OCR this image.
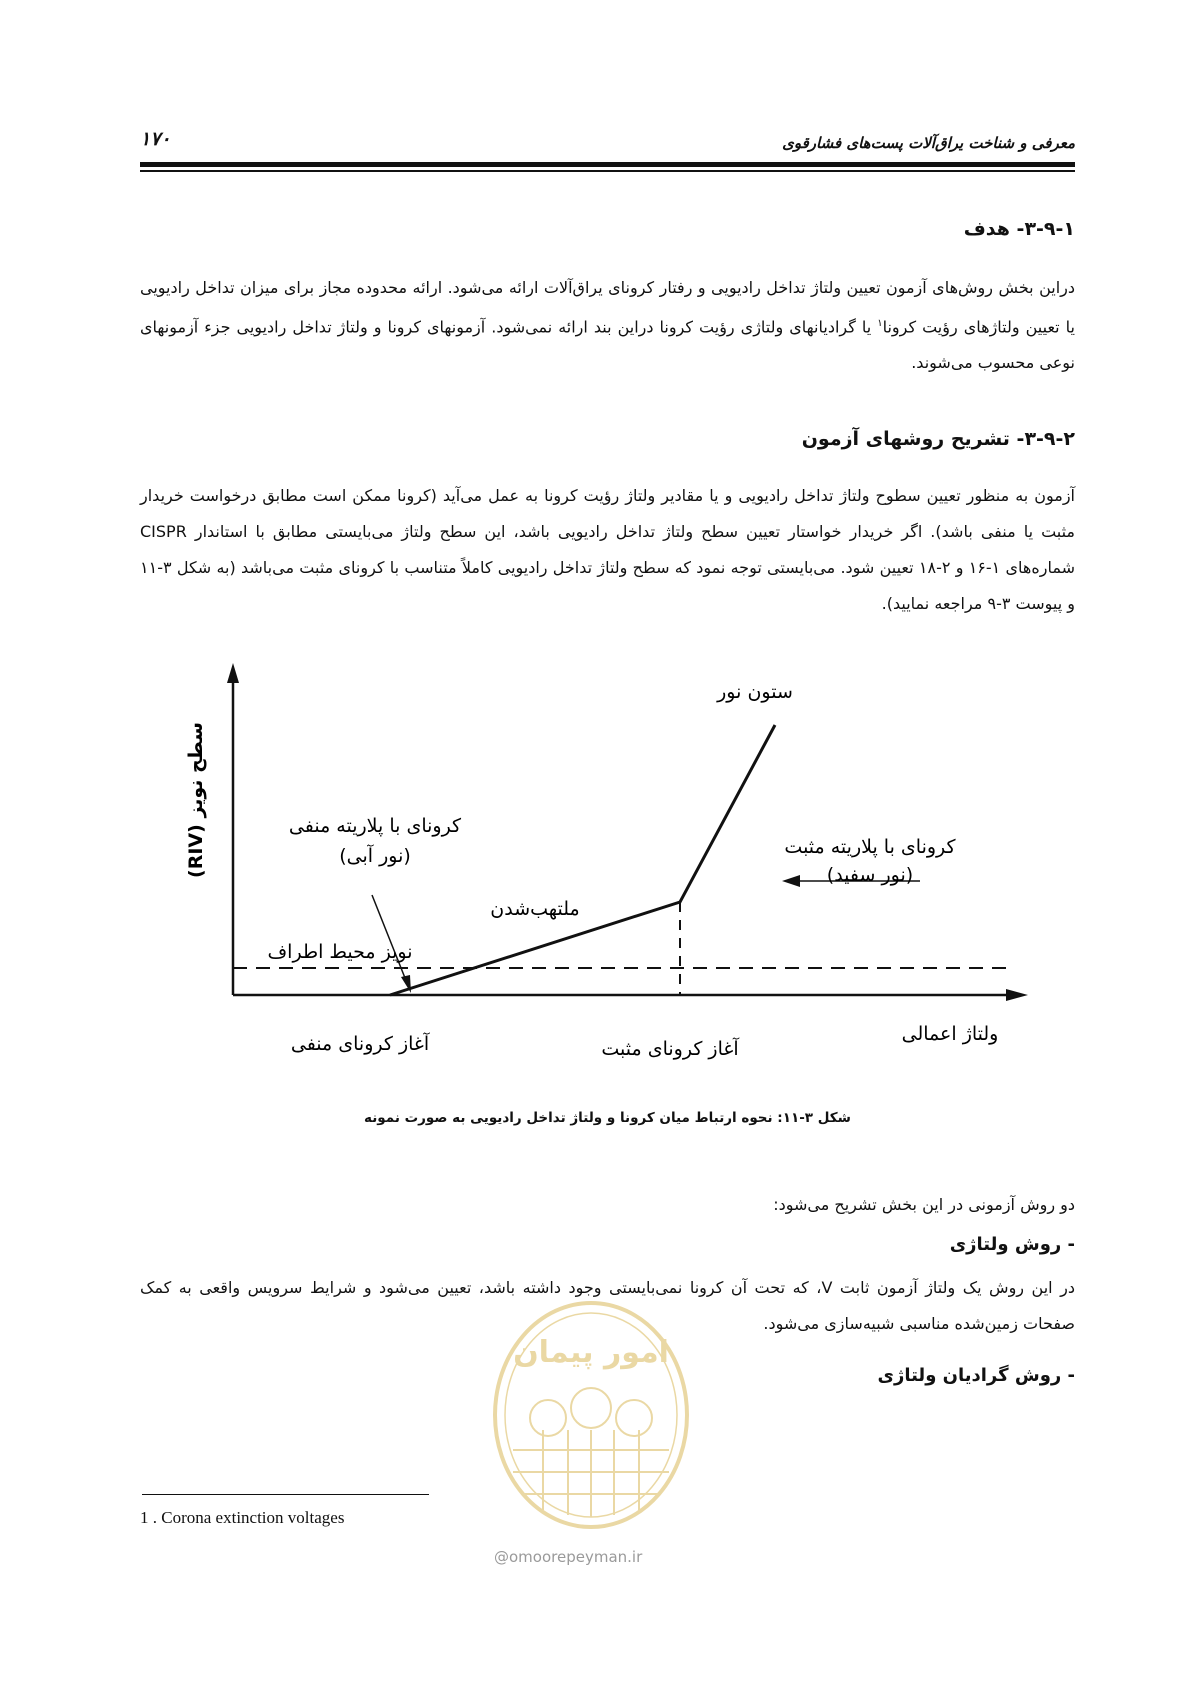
۱۷۰	معرفی و شناخت یراق‌آلات پست‌های فشارقوی
۳-۹-۱- هدف

دراین بخش روش‌های آزمون تعیین ولتاژ تداخل رادیویی و رفتار کرونای یراق‌آلات ارائه می‌شود. ارائه محدوده مجاز برای میزان تداخل رادیویی یا تعیین ولتاژهای رؤیت کرونا$^۱$ یا گرادیانهای ولتاژی رؤیت کرونا دراین بند ارائه نمی‌شود. آزمونهای کرونا و ولتاژ تداخل رادیویی جزء آزمونهای نوعی محسوب می‌شوند.

۳-۹-۲- تشریح روشهای آزمون

آزمون به منظور تعیین سطوح ولتاژ تداخل رادیویی و یا مقادیر ولتاژ رؤیت کرونا به عمل می‌آید (کرونا ممکن است مطابق درخواست خریدار مثبت یا منفی باشد). اگر خریدار خواستار تعیین سطح ولتاژ تداخل رادیویی باشد، این سطح ولتاژ می‌بایستی مطابق با استاندار CISPR شماره‌های ۱-۱۶ و ۲-۱۸ تعیین شود. می‌بایستی توجه نمود که سطح ولتاژ تداخل رادیویی کاملاً متناسب با کرونای مثبت می‌باشد (به شکل ۳-۱۱ و پیوست ۳-۹ مراجعه نمایید).

سطح نویز (RIV)
ستون نور
کرونای با پلاریته مثبت
(نور سفید)
کرونای با پلاریته منفی
(نور آبی)
ملتهب‌شدن
نویز محیط اطراف
آغاز کرونای منفی	آغاز کرونای مثبت
ولتاژ اعمالی
شکل ۳-۱۱: نحوه ارتباط میان کرونا و ولتاژ تداخل رادیویی به صورت نمونه

دو روش آزمونی در این بخش تشریح می‌شود:

- روش ولتاژی

در این روش یک ولتاژ آزمون ثابت V، که تحت آن کرونا نمی‌بایستی وجود داشته باشد، تعیین می‌شود و شرایط سرویس واقعی به کمک صفحات زمین‌شده مناسبی شبیه‌سازی می‌شود.

- روش گرادیان ولتاژی
امور پیمان
@omoorepeyman.ir
1 . Corona extinction voltages
